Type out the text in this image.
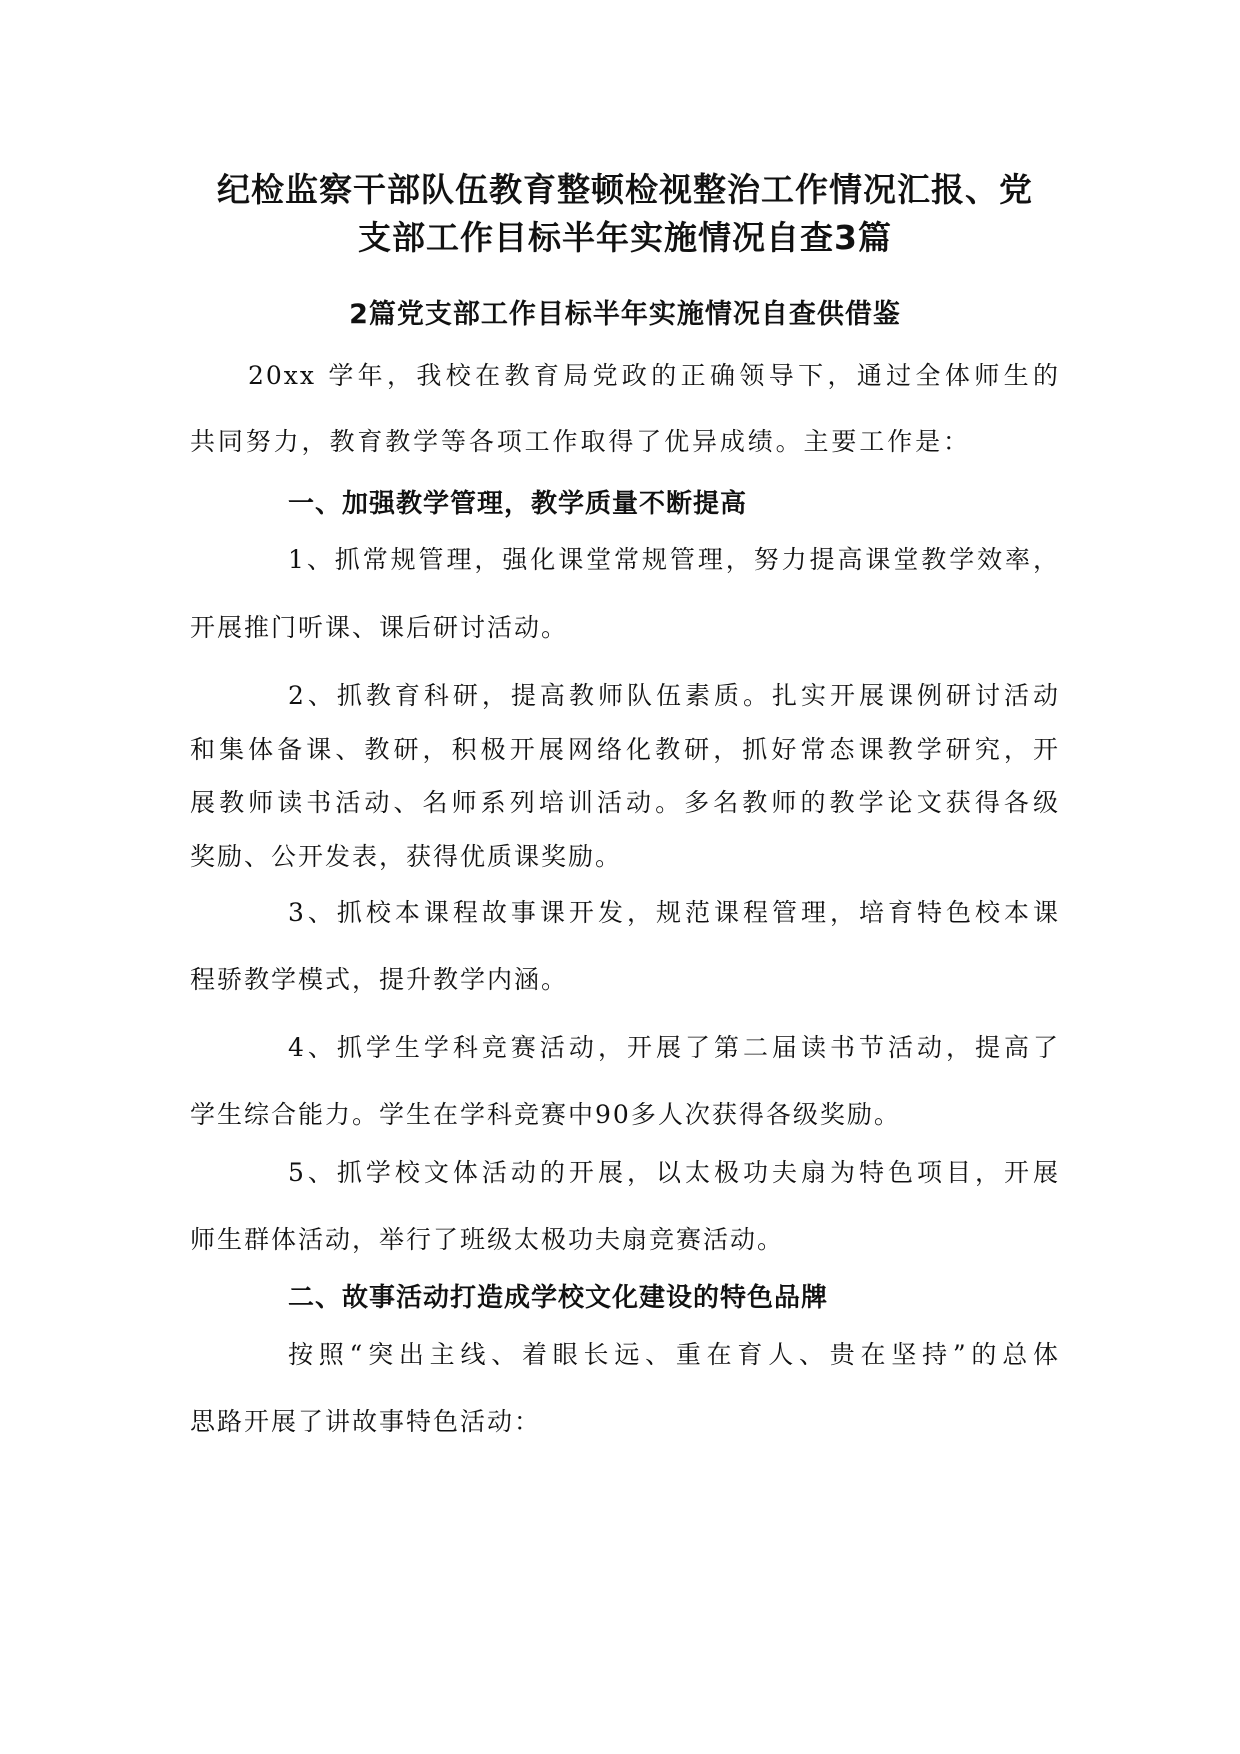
纪检监察干部队伍教育整顿检视整治工作情况汇报、党
支部工作目标半年实施情况自查3篇
2篇党支部工作目标半年实施情况自查供借鉴
20xx 学年，我校在教育局党政的正确领导下，通过全体师生的
共同努力，教育教学等各项工作取得了优异成绩。主要工作是：
一、加强教学管理，教学质量不断提高
1、抓常规管理，强化课堂常规管理，努力提高课堂教学效率，
开展推门听课、课后研讨活动。
2、抓教育科研，提高教师队伍素质。扎实开展课例研讨活动
和集体备课、教研，积极开展网络化教研，抓好常态课教学研究，开
展教师读书活动、名师系列培训活动。多名教师的教学论文获得各级
奖励、公开发表，获得优质课奖励。
3、抓校本课程故事课开发，规范课程管理，培育特色校本课
程骄教学模式，提升教学内涵。
4、抓学生学科竞赛活动，开展了第二届读书节活动，提高了
学生综合能力。学生在学科竞赛中90多人次获得各级奖励。
5、抓学校文体活动的开展，以太极功夫扇为特色项目，开展
师生群体活动，举行了班级太极功夫扇竞赛活动。
二、故事活动打造成学校文化建设的特色品牌
按照“突出主线、着眼长远、重在育人、贵在坚持”的总体
思路开展了讲故事特色活动：
